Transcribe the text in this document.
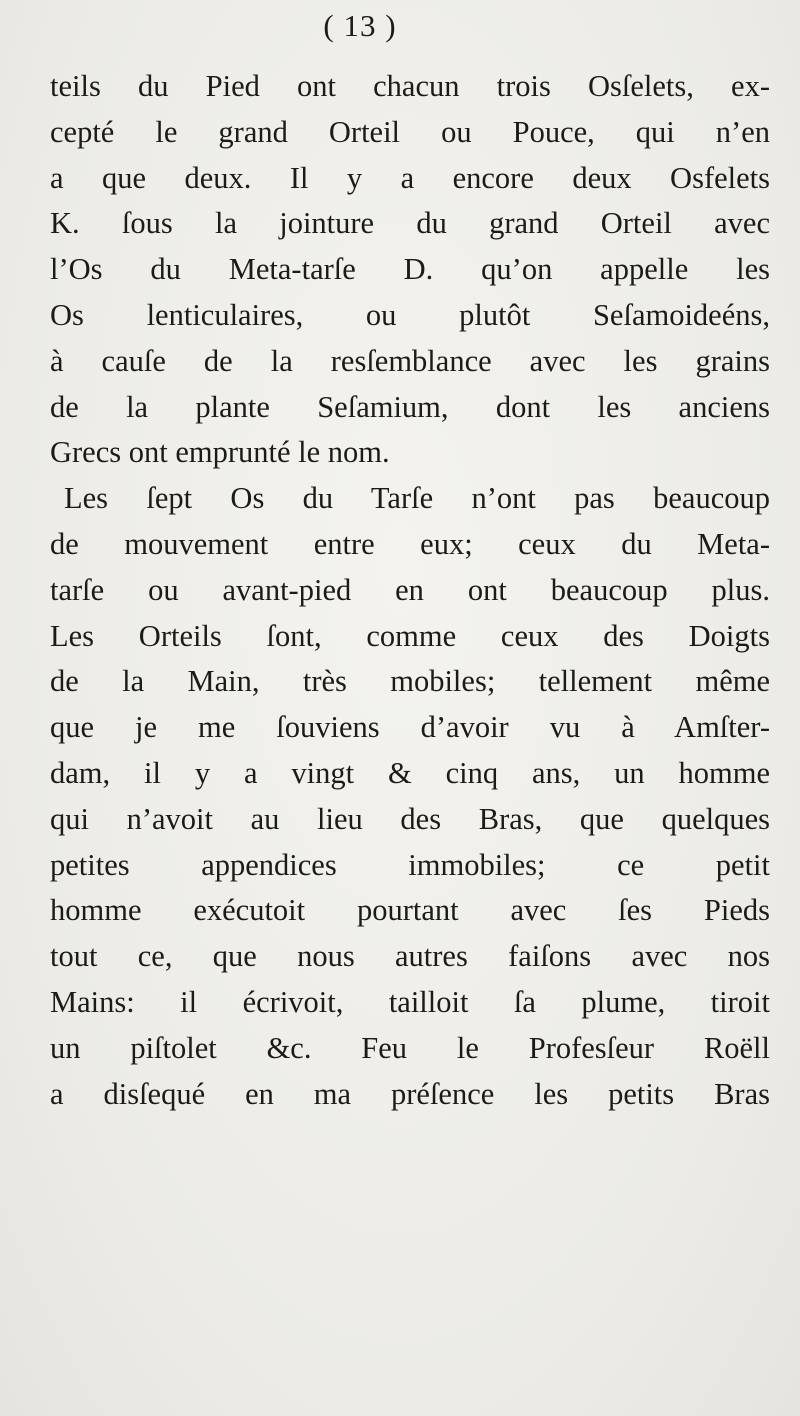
( 13 )
teils du Pied ont chacun trois Osſelets, ex-
cepté le grand Orteil ou Pouce, qui n’en
a que deux. Il y a encore deux Osfelets
K. ſous la jointure du grand Orteil avec
l’Os du Meta-tarſe D. qu’on appelle les
Os lenticulaires, ou plutôt Seſamoideéns,
à cauſe de la resſemblance avec les grains
de la plante Seſamium, dont les anciens
Grecs ont emprunté le nom.
Les ſept Os du Tarſe n’ont pas beaucoup
de mouvement entre eux; ceux du Meta-
tarſe ou avant-pied en ont beaucoup plus.
Les Orteils ſont, comme ceux des Doigts
de la Main, très mobiles; tellement même
que je me ſouviens d’avoir vu à Amſter-
dam, il y a vingt & cinq ans, un homme
qui n’avoit au lieu des Bras, que quelques
petites appendices immobiles; ce petit
homme exécutoit pourtant avec ſes Pieds
tout ce, que nous autres faiſons avec nos
Mains: il écrivoit, tailloit ſa plume, tiroit
un piſtolet &c. Feu le Profesſeur Roëll
a disſequé en ma préſence les petits Bras
